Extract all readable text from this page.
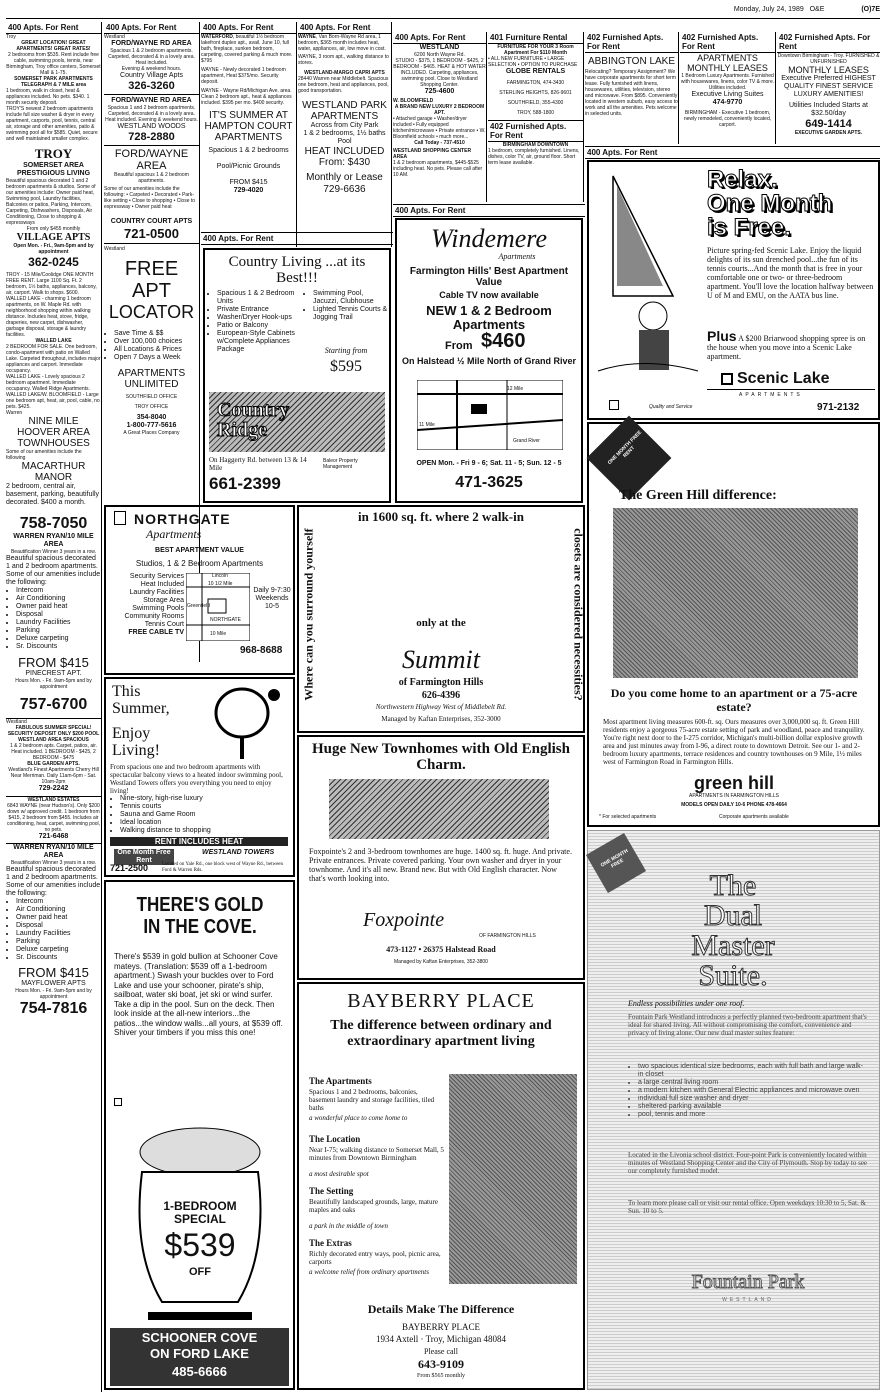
Monday, July 24, 1989 O&E	(O)7E
400 Apts. For Rent
Troy
GREAT LOCATION! GREAT APARTMENTS! GREAT RATES!
2 bedrooms from $535. Rent include free cable, swimming pools, tennis, near Birmingham, Troy office centers, Somerset Mall & 1-75.
SOMERSET PARK APARTMENTS
TELEGRAPH & 7 MILE area
1 bedroom, walk in closet, heat & appliances included. No pets. $340. 1 month security deposit.
TROY'S newest 2 bedroom apartments include full size washer & dryer in every apartment, carports, pool, tennis, central air, storage and other amenities, patio & swimming pool all for $585. Quiet, secure and well maintained smaller complex.
TROY
SOMERSET AREA PRESTIGIOUS LIVING
Beautiful spacious decorated 1 and 2 bedroom apartments & studios. Some of our amenities include: Owner paid heat, Swimming pool, Laundry facilities, Balconies or patios, Parking, Intercom, Carpeting, Dishwashers, Disposals, Air Conditioning, Close to shopping & expressways
From only $455 monthly
VILLAGE APTS
Open Mon. - Fri., 9am-5pm and by appointment
362-0245
TROY - 15 Mile/Coolidge ONE MONTH FREE RENT. Large 1100 Sq. Ft. 2 bedroom, 1½ baths, appliances, balcony, air, carport. Walk to shops. $600.
WALLED LAKE - charming 1 bedroom apartments, on W. Maple Rd. with neighborhood shopping within walking distance. Includes heat, stove, fridge, draperies, new carpet, dishwasher, garbage disposal, storage & laundry facilities.
WALLED LAKE
2 BEDROOM FOR SALE. One bedroom, condo-apartment with patio on Walled Lake. Carpeted throughout, includes major appliances and carport. Immediate occupancy.
WALLED LAKE - Lovely spacious 2 bedroom apartment. Immediate occupancy. Walled Ridge Apartments.
WALLED LAKE/W. BLOOMFIELD - Large one bedroom apt, heat, air, pool, cable, no pets. $425.
Warren
NINE MILE HOOVER AREA TOWNHOUSES
Some of our amenities include the following
MACARTHUR MANOR
2 bedroom, central air, basement, parking, beautifully decorated. $400 a month.
758-7050
WARREN RYAN/10 MILE AREA
Beautification Winner 3 years in a row.
Beautiful spacious decorated 1 and 2 bedroom apartments. Some of our amenities include the following:
• Intercom
• Air Conditioning
• Owner paid heat
• Disposal
• Laundry Facilities
• Parking
• Deluxe carpeting
• Sr. Discounts
FROM $415
PINECREST APT.
Hours Mon. - Fri. 9am-5pm and by appointment
757-6700
Westland
FABULOUS SUMMER SPECIAL! SECURITY DEPOSIT ONLY $200 POOL
WESTLAND AREA SPACIOUS
1 & 2 bedroom apts. Carpet, patios, air. Heat included. 1 BEDROOM - $425, 2 BEDROOM - $475
BLUE GARDEN APTS.
Westland's Finest Apartments Cherry Hill Near Merriman. Daily 11am-6pm - Sat. 10am-2pm
729-2242
WESTLAND ESTATES
6843 WAYNE (near Hudson's). Only $200 down w/ approved credit. 1 bedroom from $415, 2 bedroom from $455. Includes air conditioning, heat, carpet, swimming pool, no pets.
721-6468
WARREN RYAN/10 MILE AREA
Beautification Winner 3 years in a row.
Beautiful spacious decorated 1 and 2 bedroom apartments. Some of our amenities include the following:
• Intercom
• Air Conditioning
• Owner paid heat
• Disposal
• Laundry Facilities
• Parking
• Deluxe carpeting
• Sr. Discounts
FROM $415
MAYFLOWER APTS
Hours Mon. - Fri. 9am-5pm and by appointment
754-7816
400 Apts. For Rent
Westland
FORD/WAYNE RD AREA
Spacious 1 & 2 bedroom apartments. Carpeted, decorated & in a lovely area. Heat included.
Evening & weekend hours.
Country Village Apts
326-3260
FORD/WAYNE RD AREA
Spacious 1 and 2 bedroom apartments. Carpeted, decorated & in a lovely area. Heat included. Evening & weekend hours.
WESTLAND WOODS
728-2880
FORD/WAYNE AREA
Beautiful spacious 1 & 2 bedroom apartments.
Some of our amenities include the following: • Carpeted • Decorated • Park-like setting • Close to shopping • Close to expressway • Owner paid heat
COUNTRY COURT APTS
721-0500
Westland
FREE
APT
LOCATOR
• Save Time & $$
• Over 100,000 choices
• All Locations & Prices
• Open 7 Days a Week
APARTMENTS UNLIMITED
SOUTHFIELD OFFICE
TROY OFFICE
354-8040
1-800-777-5616
A Great Places Company
400 Apts. For Rent
WATERFORD, beautiful 1½ bedroom lakefront duplex apt., avail. June 10, full bath, fireplace, sunken bedroom, carpeting, covered parking & much more. $795
WAYNE - Newly decorated 1 bedroom apartment, Heat $375/mo. Security deposit.
WAYNE - Wayne Rd/Michigan Ave. area. Clean 2 bedroom apt., heat & appliances included. $395 per mo. $400 security.
IT'S SUMMER AT HAMPTON COURT APARTMENTS
Spacious 1 & 2 bedrooms
Pool/Picnic Grounds
FROM $415
729-4020
400 Apts. For Rent
WAYNE, Van Born-Wayne Rd area, 1 bedroom, $365 month includes heat, water, appliances, air, low move in cost.
WAYNE, 3 room apt., walking distance to stores.
WESTLAND-MARGO CAPRI APTS
28440 Warren near Middlebelt. Spacious one bedroom, heat and appliances, pool, good transportation.
WESTLAND PARK APARTMENTS
Across from City Park
1 & 2 bedrooms, 1½ baths Pool
HEAT INCLUDED From: $430
Monthly or Lease
729-6636
400 Apts. For Rent
WESTLAND
6200 North Wayne Rd.
STUDIO - $375, 1 BEDROOM - $425, 2 BEDROOM - $465. HEAT & HOT WATER INCLUDED. Carpeting, appliances, swimming pool. Close to Westland Shopping Center.
725-4600
W. BLOOMFIELD
A BRAND NEW LUXURY 2 BEDROOM APT.
• Attached garage • Washer/dryer included • Fully equipped kitchen/microwave • Private entrance • W. Bloomfield schools • much more...
Call Today - 737-4510
WESTLAND SHOPPING CENTER AREA
1 & 2 bedroom apartments, $445-$525 including heat. No pets. Please call after 10 AM.
401 Furniture Rental
FURNITURE FOR YOUR 3 Room Apartment For $110 Month
• ALL NEW FURNITURE • LARGE SELECTION • OPTION TO PURCHASE
GLOBE RENTALS
FARMINGTON, 474-3430
STERLING HEIGHTS, 826-9601
SOUTHFIELD, 355-4300
TROY, 588-1800
402 Furnished Apts. For Rent
BIRMINGHAM DOWNTOWN
1 bedroom, completely furnished. Linens, dishes, color TV, air, ground floor. Short term lease available.
402 Furnished Apts. For Rent
ABBINGTON LAKE
Relocating? Temporary Assignment? We have corporate apartments for short term lease. Fully furnished with linens, housewares, utilities, television, stereo and microwave. From $895. Conveniently located in western suburb, easy access to work and all the amenities. Pets welcome in selected units.
402 Furnished Apts. For Rent
APARTMENTS MONTHLY LEASES
1 Bedroom Luxury Apartments. Furnished with housewares, linens, color TV & more. Utilities included.
Executive Living Suites
474-9770
BIRMINGHAM - Executive 1 bedroom, newly remodeled, conveniently located, carport.
402 Furnished Apts. For Rent
Downtown Birmingham - Troy. FURNISHED & UNFURNISHED
MONTHLY LEASES
Executive Preferred HIGHEST QUALITY FINEST SERVICE LUXURY AMENITIES!
Utilities Included Starts at $32.50/day
649-1414
EXECUTIVE GARDEN APTS.
400 Apts. For Rent
Relax.
One Month
is Free.
Picture spring-fed Scenic Lake. Enjoy the liquid delights of its sun drenched pool...the fun of its tennis courts...And the month that is free in your comfortable one or two- or three-bedroom apartment. You'll love the location halfway between U of M and EMU, on the AATA bus line.
Plus A $200 Briarwood shopping spree is on the house when you move into a Scenic Lake apartment.
Scenic Lake
APARTMENTS
Quality and Service	971-2132
ONE MONTH FREE RENT
The Green Hill difference:
Do you come home to an apartment or a 75-acre estate?
Most apartment living measures 600-ft. sq. Ours measures over 3,000,000 sq. ft. Green Hill residents enjoy a gorgeous 75-acre estate setting of park and woodland, peace and tranquility. You're right next door to the I-275 corridor, Michigan's multi-billion dollar explosive growth area and just minutes away from I-96, a direct route to downtown Detroit. See our 1- and 2-bedroom luxury apartments, terrace residences and country townhouses on 9 Mile, 1½ miles west of Farmington Road in Farmington Hills.
green hill
APARTMENTS IN FARMINGTON HILLS
MODELS OPEN DAILY 10-6 PHONE 478-4664
* For selected apartments	Corporate apartments available
ONE MONTH FREE
The
Dual
Master
Suite.
Endless possibilities under one roof.
Fountain Park Westland introduces a perfectly planned two-bedroom apartment that's ideal for shared living. All without compromising the comfort, convenience and privacy of living alone. Our new dual master suites feature:
• two spacious identical size bedrooms, each with full bath and large walk-in closet
• a large central living room
• a modern kitchen with General Electric appliances and microwave oven
• individual full size washer and dryer
• sheltered parking available
• pool, tennis and more
Located in the Livonia school district. Four-point Park is conveniently located within minutes of Westland Shopping Center and the City of Plymouth. Stop by today to see our completely furnished model.
To learn more please call or visit our rental office. Open weekdays 10:30 to 5, Sat. & Sun. 10 to 5.
Fountain Park
WESTLAND
400 Apts. For Rent
Windemere
Apartments
Farmington Hills' Best Apartment Value
Cable TV now available
NEW 1 & 2 Bedroom Apartments
From $460
On Halstead ½ Mile North of Grand River
12 Mile
11 Mile
Grand River
OPEN Mon. - Fri 9 - 6; Sat. 11 - 5; Sun. 12 - 5
471-3625
400 Apts. For Rent
Country Living ...at its Best!!!
• Spacious 1 & 2 Bedroom Units
• Private Entrance
• Washer/Dryer Hook-ups
• Patio or Balcony
• European-Style Cabinets w/Complete Appliances Package
• Swimming Pool, Jacuzzi, Clubhouse
• Lighted Tennis Courts & Jogging Trail
Starting from
$595
Country
Ridge
On Haggerty Rd. between 13 & 14 Mile
661-2399
Baleor Property Management
NORTHGATE
Apartments
BEST APARTMENT VALUE
Studios, 1 & 2 Bedroom Apartments
Security Services
Heat Included
Laundry Facilities
Storage Area
Swimming Pools
Community Rooms
Tennis Court
FREE CABLE TV
Lincoln
10 1/2 Mile
NORTHGATE
10 Mile
Greenfield
Daily 9-7:30 Weekends 10-5
968-8688
in 1600 sq. ft. where 2 walk-in
Where can you surround yourself	closets are considered necessities?
only at the
Summit
of Farmington Hills
626-4396
Northwestern Highway West of Middlebelt Rd.
Managed by Kaftan Enterprises, 352-3000
This
Summer,
Enjoy
Living!
From spacious one and two bedroom apartments with spectacular balcony views to a heated indoor swimming pool, Westland Towers offers you everything you need to enjoy living!
• Nine-story, high-rise luxury
• Tennis courts
• Sauna and Game Room
• Ideal location
• Walking distance to shopping
RENT INCLUDES HEAT
One Month Free Rent
WESTLAND TOWERS
721-2500	Located on Yale Rd., one block west of Wayne Rd., between Ford & Warren Rds.
Huge New Townhomes with Old English Charm.
Foxpointe's 2 and 3-bedroom townhomes are huge. 1400 sq. ft. huge. And private. Private entrances. Private covered parking. Your own washer and dryer in your townhome. And it's all new. Brand new. But with Old English character. Now that's worth looking into.
Foxpointe
OF FARMINGTON HILLS
473-1127 • 26375 Halstead Road
Managed by Kaftan Enterprises, 352-3800
THERE'S GOLD
IN THE COVE.
There's $539 in gold bullion at Schooner Cove mateys. (Translation: $539 off a 1-bedroom apartment.) Swash your buckles over to Ford Lake and use your schooner, pirate's ship, sailboat, water ski boat, jet ski or wind surfer. Take a dip in the pool. Sun on the deck. Then look inside at the all-new interiors...the patios...the window walls...all yours, at $539 off. Shiver your timbers if you miss this one!
1-BEDROOM SPECIAL
$539
OFF
SCHOONER COVE
ON FORD LAKE
485-6666
BAYBERRY PLACE
The difference between ordinary and extraordinary apartment living
The Apartments
Spacious 1 and 2 bedrooms, balconies, basement laundry and storage facilities, tiled baths
a wonderful place to come home to
The Location
Near I-75; walking distance to Somerset Mall, 5 minutes from Downtown Birmingham
a most desirable spot
The Setting
Beautifully landscaped grounds, large, mature maples and oaks
a park in the middle of town
The Extras
Richly decorated entry ways, pool, picnic area, carports
a welcome relief from ordinary apartments
Details Make The Difference
BAYBERRY PLACE
1934 Axtell · Troy, Michigan 48084
Please call
643-9109
From $565 monthly
